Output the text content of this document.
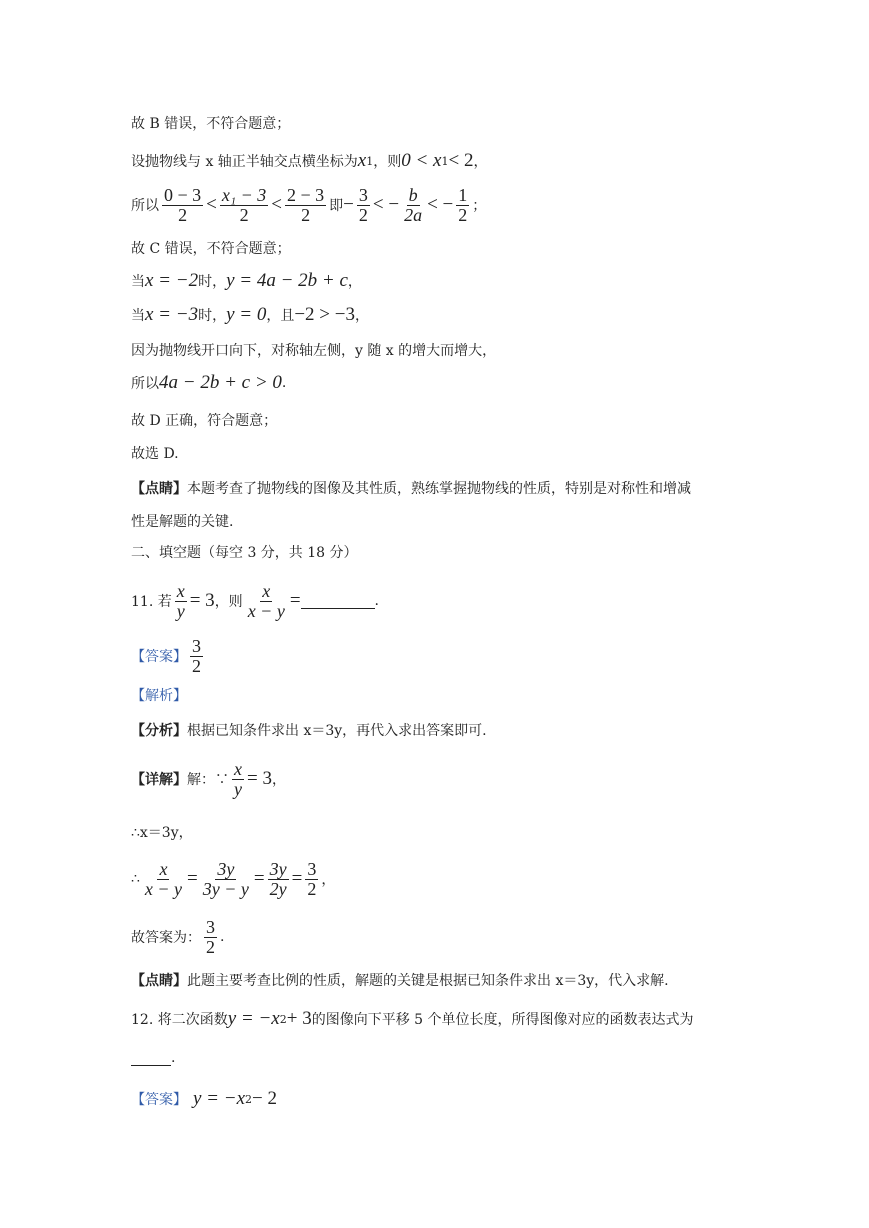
故 B 错误，不符合题意；
设抛物线与 x 轴正半轴交点横坐标为 x 1 ，则 0 < x 1 < 2 ，
所以 $\frac{0 - 3}{2} < \frac{\text{x₁ − 3}}{2} < \frac{2 - 3}{2}$ 即 − $\frac{3}{2}$ < − $\frac{b}{2a}$ < − $\frac{1}{2}$ ；
故 C 错误，不符合题意；
当 x = −2 时， y = 4a − 2b + c ，
当 x = −3 时， y = 0 ，且 −2 > −3 ，
因为抛物线开口向下，对称轴左侧，y 随 x 的增大而增大，
所以 4a − 2b + c > 0 .
故 D 正确，符合题意；
故选 D.
【点睛】 本题考查了抛物线的图像及其性质，熟练掌握抛物线的性质，特别是对称性和增减
性是解题的关键.
二、填空题（每空 3 分，共 18 分）
11. 若 $\frac{x}{y} = 3$ ，则 $\frac{x}{x - y}$ =	.
【答案】 $\frac{3}{2}$
【解析】
【分析】 根据已知条件求出 x＝3y，再代入求出答案即可.
【详解】 解：∵ $\frac{x}{y} = 3$ ，
∴x＝3y，
∴ $\frac{x}{x - y} = \frac{3y}{3y - y} = \frac{3y}{2y} = \frac{3}{2}$ ，
故答案为： $\frac{3}{2}$ .
【点睛】 此题主要考查比例的性质，解题的关键是根据已知条件求出 x＝3y，代入求解.
12. 将二次函数 y = −x 2 + 3 的图像向下平移 5 个单位长度，所得图像对应的函数表达式为
.
【答案】 y = −x 2 − 2
